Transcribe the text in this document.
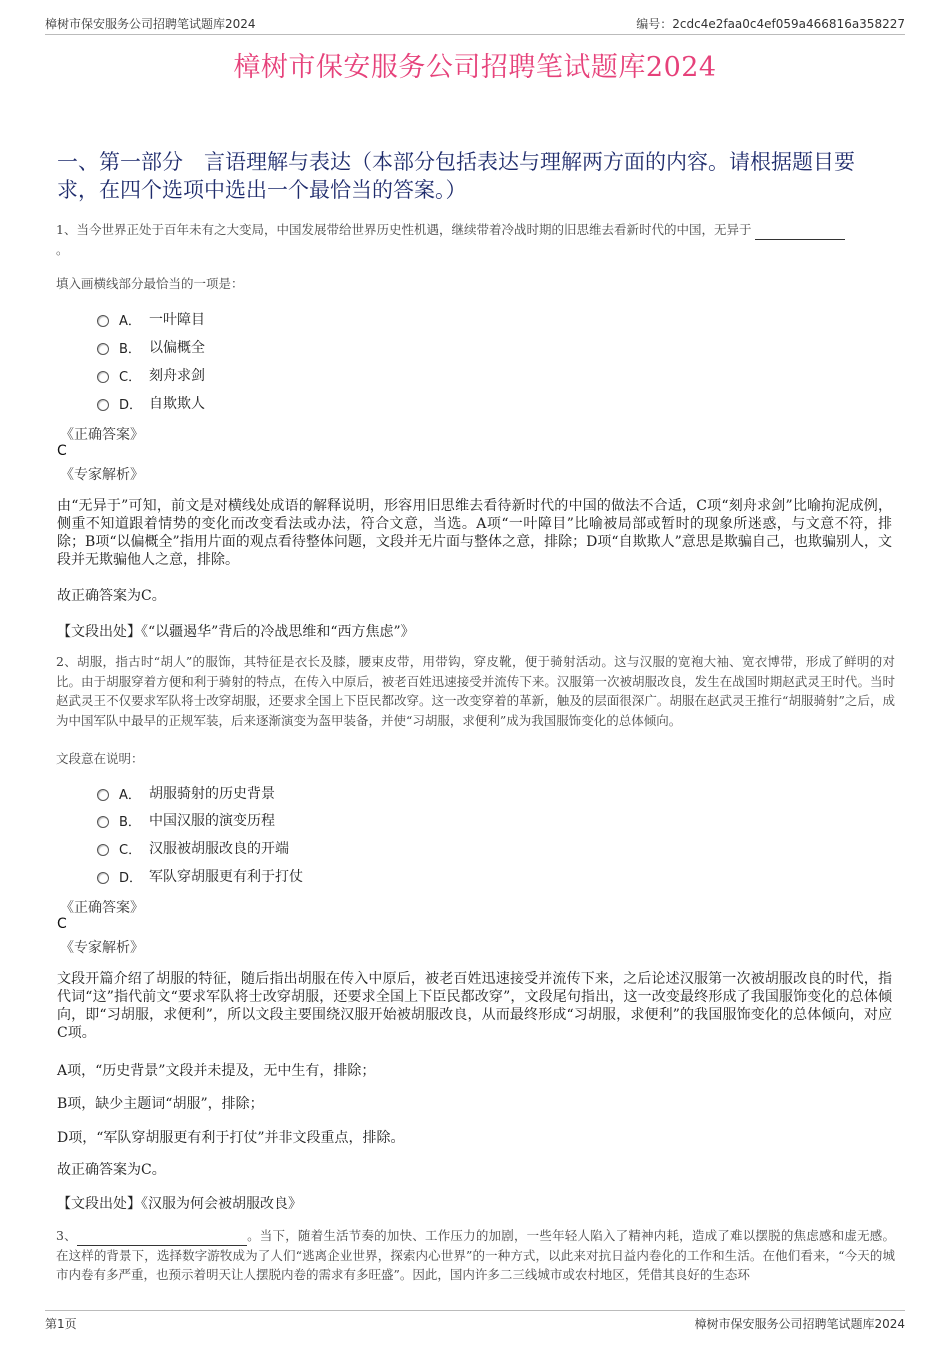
樟树市保安服务公司招聘笔试题库2024	编号：2cdc4e2faa0c4ef059a466816a358227
樟树市保安服务公司招聘笔试题库2024
一、第一部分　言语理解与表达（本部分包括表达与理解两方面的内容。请根据题目要求，在四个选项中选出一个最恰当的答案。）
1、当今世界正处于百年未有之大变局，中国发展带给世界历史性机遇，继续带着冷战时期的旧思维去看新时代的中国，无异于
。
填入画横线部分最恰当的一项是：
A． 一叶障目
B． 以偏概全
C． 刻舟求剑
D． 自欺欺人
《正确答案》
C
《专家解析》
由“无异于”可知，前文是对横线处成语的解释说明，形容用旧思维去看待新时代的中国的做法不合适，C项“刻舟求剑”比喻拘泥成例，侧重不知道跟着情势的变化而改变看法或办法，符合文意，当选。A项“一叶障目”比喻被局部或暂时的现象所迷惑，与文意不符，排除；B项“以偏概全”指用片面的观点看待整体问题，文段并无片面与整体之意，排除；D项“自欺欺人”意思是欺骗自己，也欺骗别人，文段并无欺骗他人之意，排除。
故正确答案为C。
【文段出处】《“以疆遏华”背后的冷战思维和“西方焦虑”》
2、胡服，指古时“胡人”的服饰，其特征是衣长及膝，腰束皮带，用带钩，穿皮靴，便于骑射活动。这与汉服的宽袍大袖、宽衣博带，形成了鲜明的对比。由于胡服穿着方便和利于骑射的特点，在传入中原后，被老百姓迅速接受并流传下来。汉服第一次被胡服改良，发生在战国时期赵武灵王时代。当时赵武灵王不仅要求军队将士改穿胡服，还要求全国上下臣民都改穿。这一改变穿着的革新，触及的层面很深广。胡服在赵武灵王推行“胡服骑射”之后，成为中国军队中最早的正规军装，后来逐渐演变为盔甲装备，并使“习胡服，求便利”成为我国服饰变化的总体倾向。
文段意在说明：
A． 胡服骑射的历史背景
B． 中国汉服的演变历程
C． 汉服被胡服改良的开端
D． 军队穿胡服更有利于打仗
《正确答案》
C
《专家解析》
文段开篇介绍了胡服的特征，随后指出胡服在传入中原后，被老百姓迅速接受并流传下来，之后论述汉服第一次被胡服改良的时代，指代词“这”指代前文“要求军队将士改穿胡服，还要求全国上下臣民都改穿”，文段尾句指出，这一改变最终形成了我国服饰变化的总体倾向，即“习胡服，求便利”，所以文段主要围绕汉服开始被胡服改良，从而最终形成“习胡服，求便利”的我国服饰变化的总体倾向，对应C项。
A项，“历史背景”文段并未提及，无中生有，排除；
B项，缺少主题词“胡服”，排除；
D项，“军队穿胡服更有利于打仗”并非文段重点，排除。
故正确答案为C。
【文段出处】《汉服为何会被胡服改良》
3、	。当下，随着生活节奏的加快、工作压力的加剧，一些年轻人陷入了精神内耗，造成了难以摆脱的焦虑感和虚无感。在这样的背景下，选择数字游牧成为了人们“逃离企业世界，探索内心世界”的一种方式，以此来对抗日益内卷化的工作和生活。在他们看来，“今天的城市内卷有多严重，也预示着明天让人摆脱内卷的需求有多旺盛”。因此，国内许多二三线城市或农村地区，凭借其良好的生态环
第1页	樟树市保安服务公司招聘笔试题库2024
